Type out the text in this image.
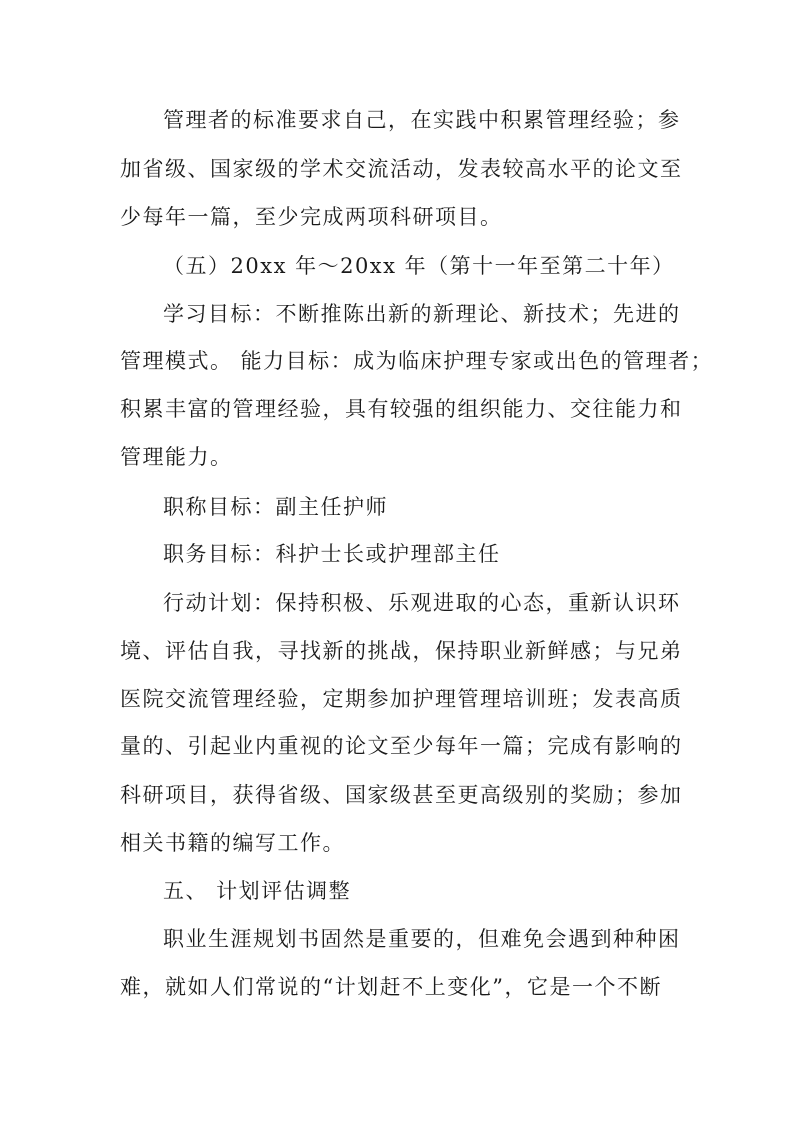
管理者的标准要求自己，在实践中积累管理经验；参

加省级、国家级的学术交流活动，发表较高水平的论文至

少每年一篇，至少完成两项科研项目。

（五）20xx 年～20xx 年（第十一年至第二十年）

学习目标：不断推陈出新的新理论、新技术；先进的

管理模式。 能力目标：成为临床护理专家或出色的管理者；

积累丰富的管理经验，具有较强的组织能力、交往能力和

管理能力。

职称目标：副主任护师

职务目标：科护士长或护理部主任

行动计划：保持积极、乐观进取的心态，重新认识环

境、评估自我，寻找新的挑战，保持职业新鲜感；与兄弟

医院交流管理经验，定期参加护理管理培训班；发表高质

量的、引起业内重视的论文至少每年一篇；完成有影响的

科研项目，获得省级、国家级甚至更高级别的奖励；参加

相关书籍的编写工作。

五、 计划评估调整

职业生涯规划书固然是重要的，但难免会遇到种种困

难，就如人们常说的“计划赶不上变化”，它是一个不断
